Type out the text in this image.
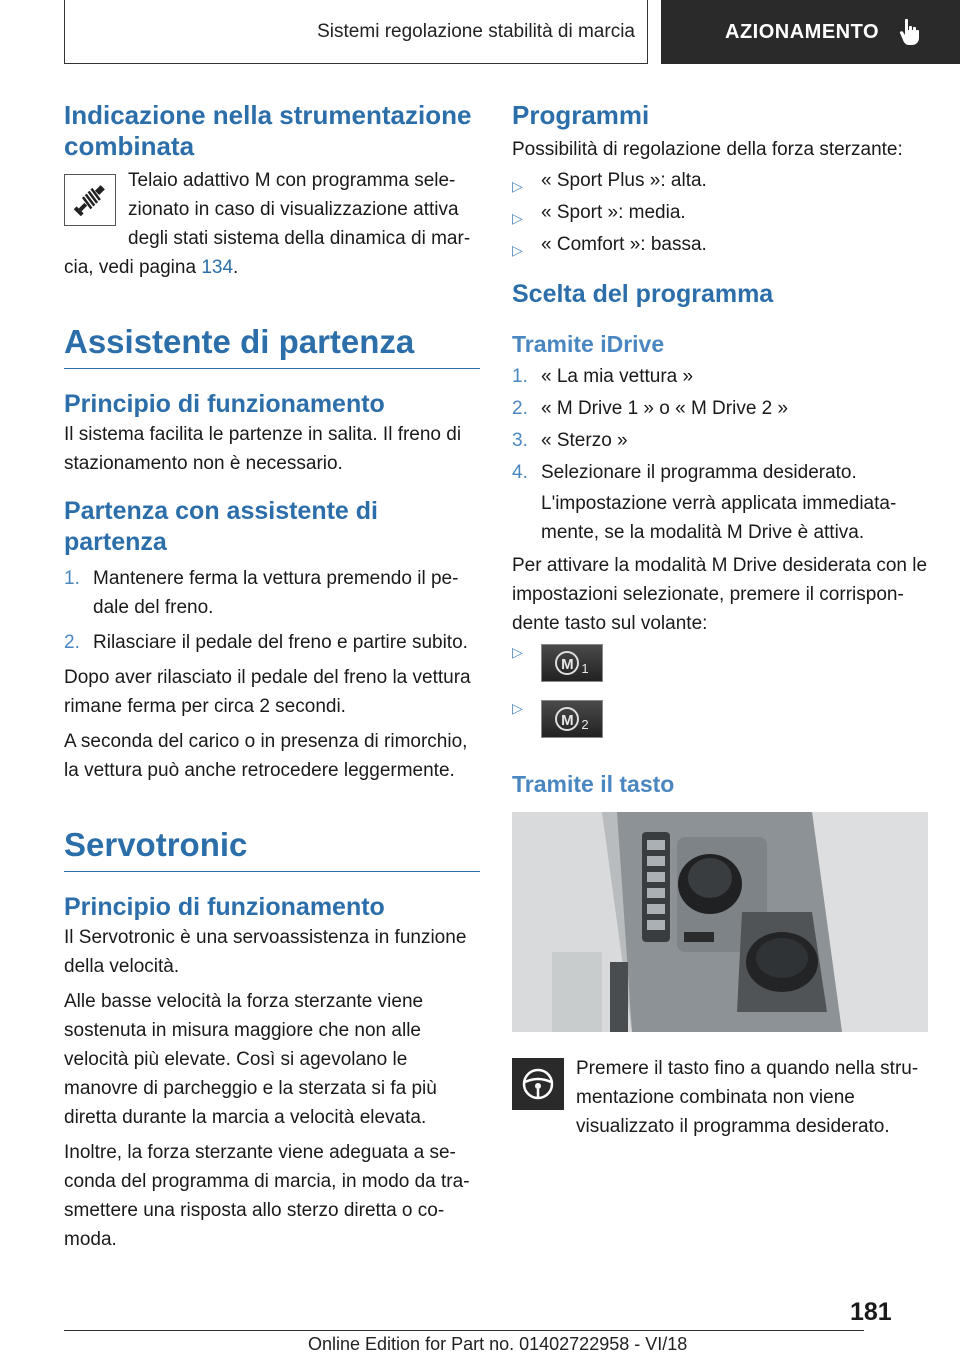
Sistemi regolazione stabilità di marcia	AZIONAMENTO
Indicazione nella strumentazione combinata

Telaio adattivo M con programma selezionato in caso di visualizzazione attiva degli stati sistema della dinamica di marcia, vedi pagina 134.

Assistente di partenza
Principio di funzionamento

Il sistema facilita le partenze in salita. Il freno di stazionamento non è necessario.

Partenza con assistente di partenza
1. Mantenere ferma la vettura premendo il pedale del freno.
2. Rilasciare il pedale del freno e partire subito.

Dopo aver rilasciato il pedale del freno la vettura rimane ferma per circa 2 secondi.

A seconda del carico o in presenza di rimorchio, la vettura può anche retrocedere leggermente.

Servotronic
Principio di funzionamento

Il Servotronic è una servoassistenza in funzione della velocità.

Alle basse velocità la forza sterzante viene sostenuta in misura maggiore che non alle velocità più elevate. Così si agevolano le manovre di parcheggio e la sterzata si fa più diretta durante la marcia a velocità elevata.

Inoltre, la forza sterzante viene adeguata a seconda del programma di marcia, in modo da trasmettere una risposta allo sterzo diretta o comoda.

Programmi

Possibilità di regolazione della forza sterzante:

▷ « Sport Plus »: alta.
▷ « Sport »: media.
▷ « Comfort »: bassa.
Scelta del programma
Tramite iDrive
1. « La mia vettura »
2. « M Drive 1 » o « M Drive 2 »
3. « Sterzo »
4. Selezionare il programma desiderato.

L'impostazione verrà applicata immediatamente, se la modalità M Drive è attiva.

Per attivare la modalità M Drive desiderata con le impostazioni selezionate, premere il corrispondente tasto sul volante:

▷
M 1
▷
M 2
Tramite il tasto

Premere il tasto fino a quando nella strumentazione combinata non viene visualizzato il programma desiderato.

181
Online Edition for Part no. 01402722958 - VI/18
